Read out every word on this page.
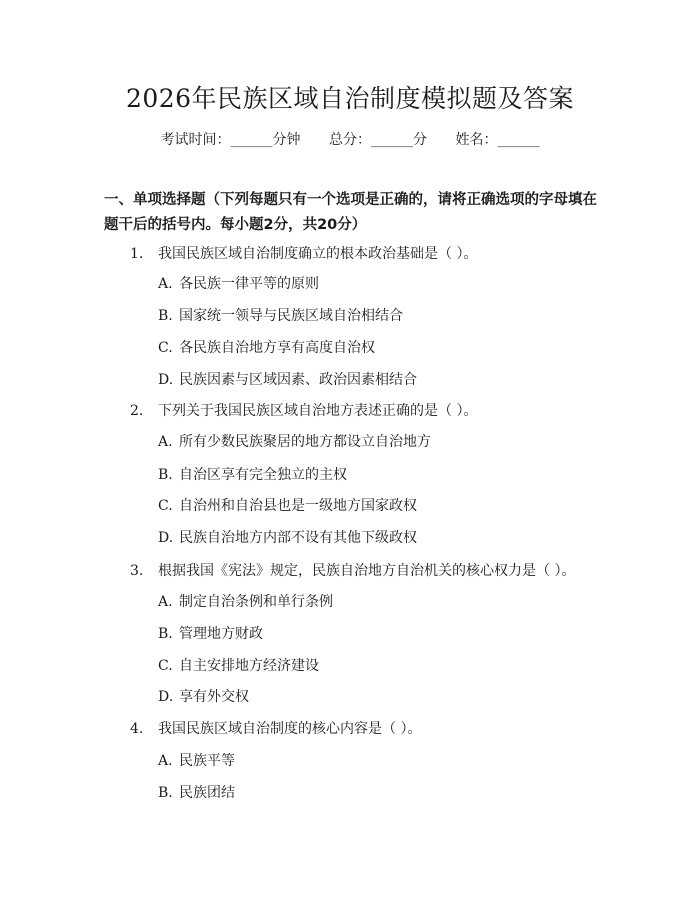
2026年民族区域自治制度模拟题及答案
考试时间：______分钟 总分：______分 姓名：______
一、单项选择题（下列每题只有一个选项是正确的，请将正确选项的字母填在题干后的括号内。每小题2分，共20分）
1. 我国民族区域自治制度确立的根本政治基础是（ ）。
A. 各民族一律平等的原则
B. 国家统一领导与民族区域自治相结合
C. 各民族自治地方享有高度自治权
D. 民族因素与区域因素、政治因素相结合
2. 下列关于我国民族区域自治地方表述正确的是（ ）。
A. 所有少数民族聚居的地方都设立自治地方
B. 自治区享有完全独立的主权
C. 自治州和自治县也是一级地方国家政权
D. 民族自治地方内部不设有其他下级政权
3. 根据我国《宪法》规定，民族自治地方自治机关的核心权力是（ ）。
A. 制定自治条例和单行条例
B. 管理地方财政
C. 自主安排地方经济建设
D. 享有外交权
4. 我国民族区域自治制度的核心内容是（ ）。
A. 民族平等
B. 民族团结
